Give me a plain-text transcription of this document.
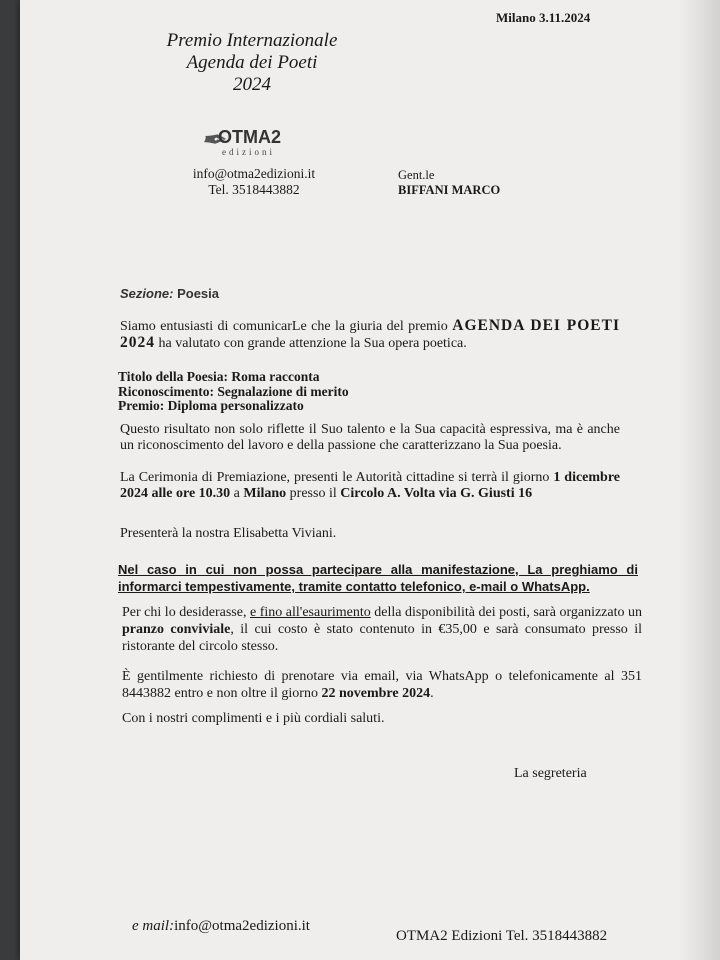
Milano 3.11.2024
Premio Internazionale
Agenda dei Poeti
2024
✒
OTMA2
edizioni
info@otma2edizioni.it
Tel. 3518443882
Gent.le
BIFFANI MARCO
Sezione: Poesia
Siamo entusiasti di comunicarLe che la giuria del premio AGENDA DEI POETI 2024 ha valutato con grande attenzione la Sua opera poetica.
Titolo della Poesia: Roma racconta
Riconoscimento: Segnalazione di merito
Premio: Diploma personalizzato
Questo risultato non solo riflette il Suo talento e la Sua capacità espressiva, ma è anche un riconoscimento del lavoro e della passione che caratterizzano la Sua poesia.
La Cerimonia di Premiazione, presenti le Autorità cittadine si terrà il giorno 1 dicembre 2024 alle ore 10.30 a Milano presso il Circolo A. Volta via G. Giusti 16
Presenterà la nostra Elisabetta Viviani.
Nel caso in cui non possa partecipare alla manifestazione, La preghiamo di informarci tempestivamente, tramite contatto telefonico, e-mail o WhatsApp.
Per chi lo desiderasse, e fino all'esaurimento della disponibilità dei posti, sarà organizzato un pranzo conviviale, il cui costo è stato contenuto in €35,00 e sarà consumato presso il ristorante del circolo stesso.
È gentilmente richiesto di prenotare via email, via WhatsApp o telefonicamente al 351 8443882 entro e non oltre il giorno 22 novembre 2024.
Con i nostri complimenti e i più cordiali saluti.
La segreteria
e mail:info@otma2edizioni.it
OTMA2 Edizioni Tel. 3518443882
